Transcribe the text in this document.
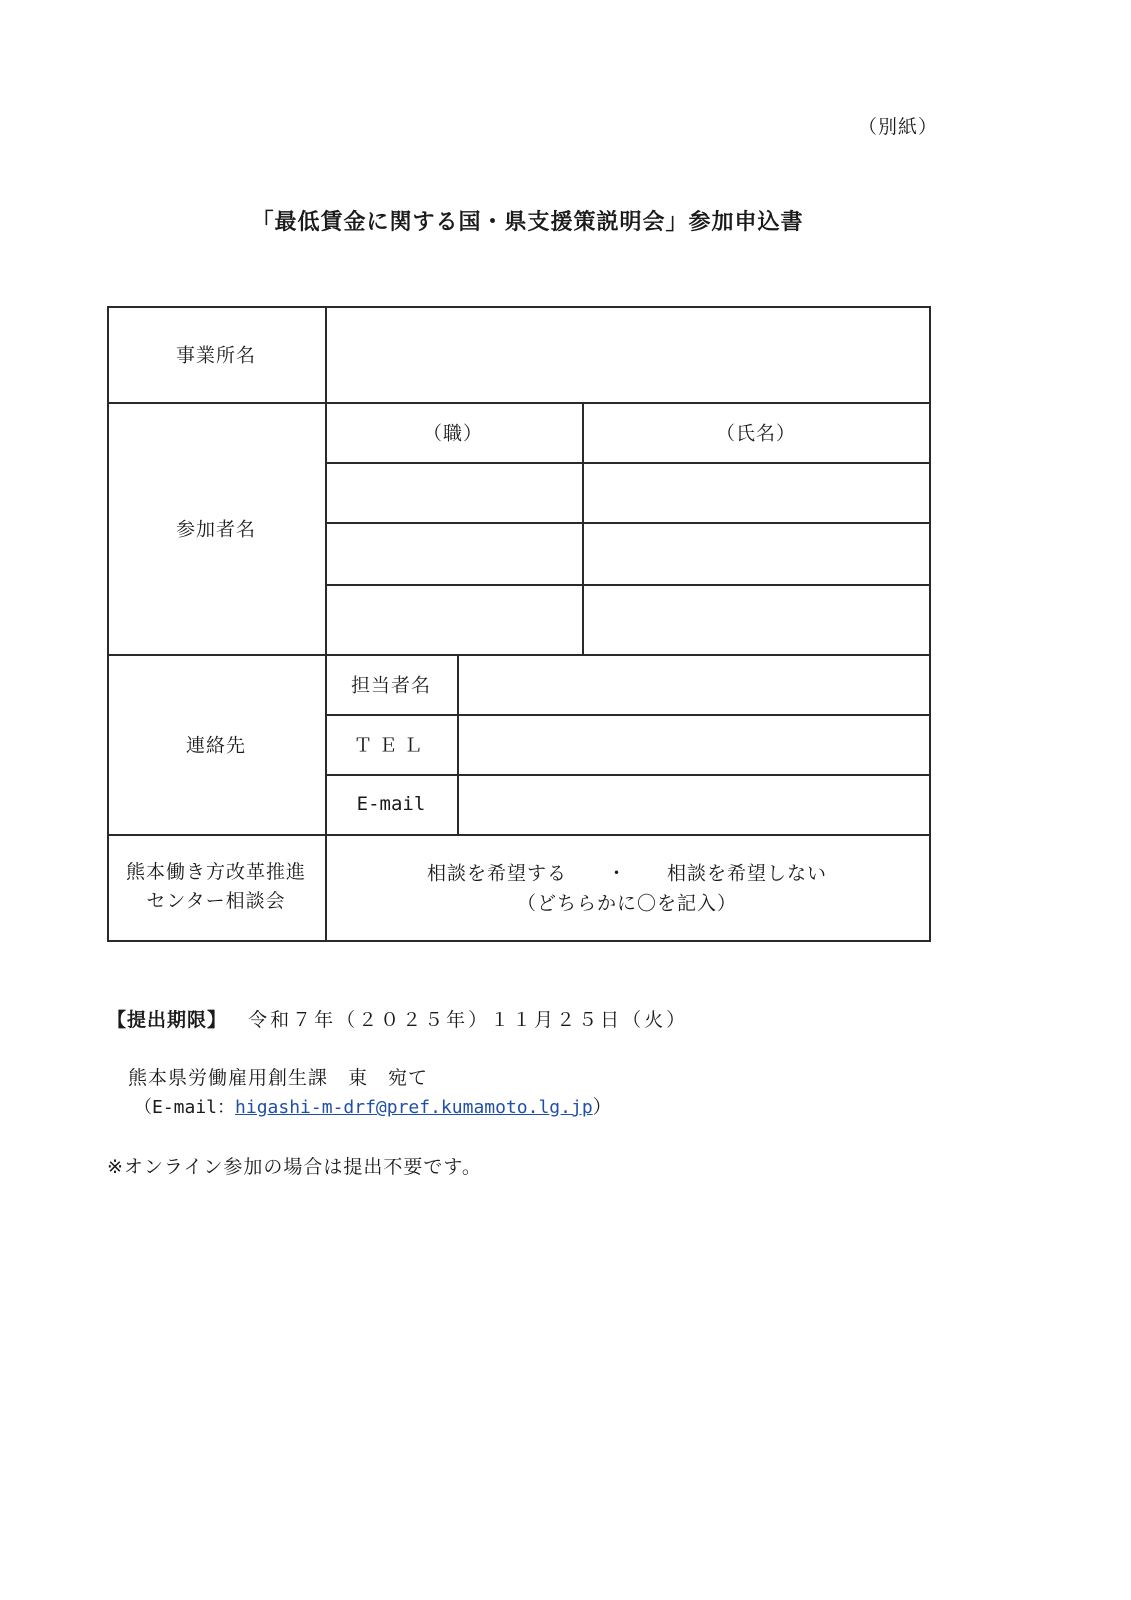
（別紙）
「最低賃金に関する国・県支援策説明会」参加申込書
事業所名
参加者名
連絡先
熊本働き方改革推進
センター相談会
（職）	（氏名）
担当者名
ＴＥＬ
E-mail
相談を希望する　　・　　相談を希望しない
（どちらかに〇を記入）
【提出期限】 令和７年（２０２５年）１１月２５日（火）
熊本県労働雇用創生課　東　宛て
（E-mail：higashi-m-drf@pref.kumamoto.lg.jp）
※オンライン参加の場合は提出不要です。
